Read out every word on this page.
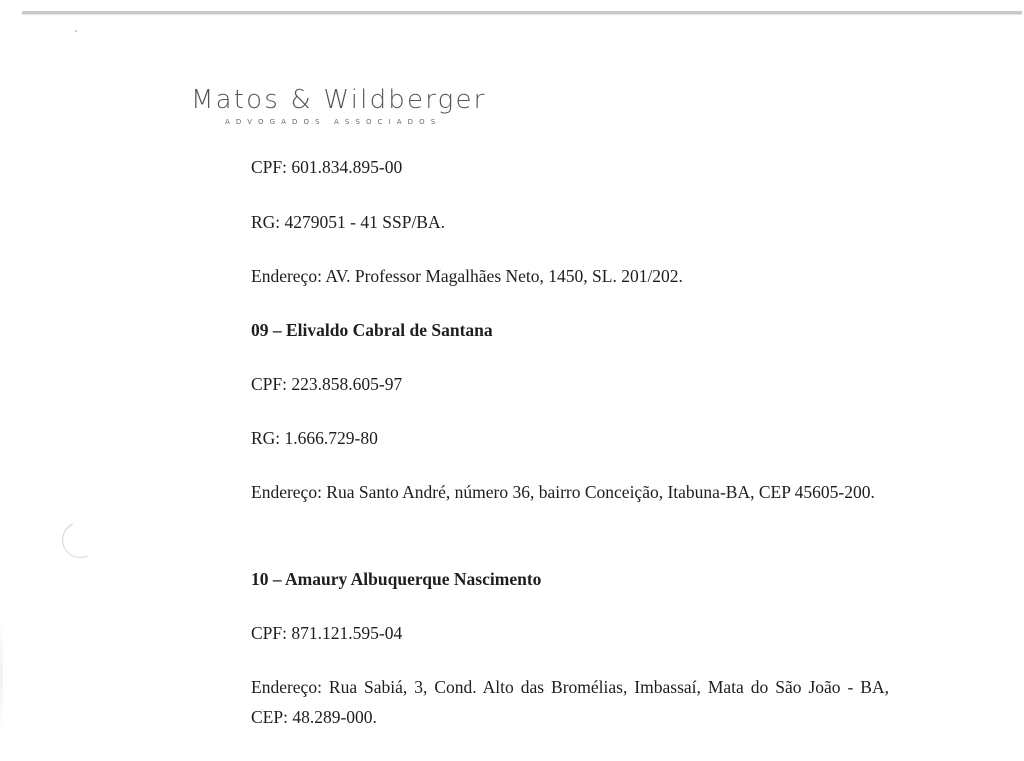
Matos & Wildberger
ADVOGADOS ASSOCIADOS
CPF: 601.834.895-00
RG: 4279051 - 41 SSP/BA.
Endereço: AV. Professor Magalhães Neto, 1450, SL. 201/202.
09 – Elivaldo Cabral de Santana
CPF: 223.858.605-97
RG: 1.666.729-80
Endereço: Rua Santo André, número 36, bairro Conceição, Itabuna-BA, CEP 45605-200.
10 – Amaury Albuquerque Nascimento
CPF: 871.121.595-04
Endereço: Rua Sabiá, 3, Cond. Alto das Bromélias, Imbassaí, Mata do São João - BA, CEP: 48.289-000.
